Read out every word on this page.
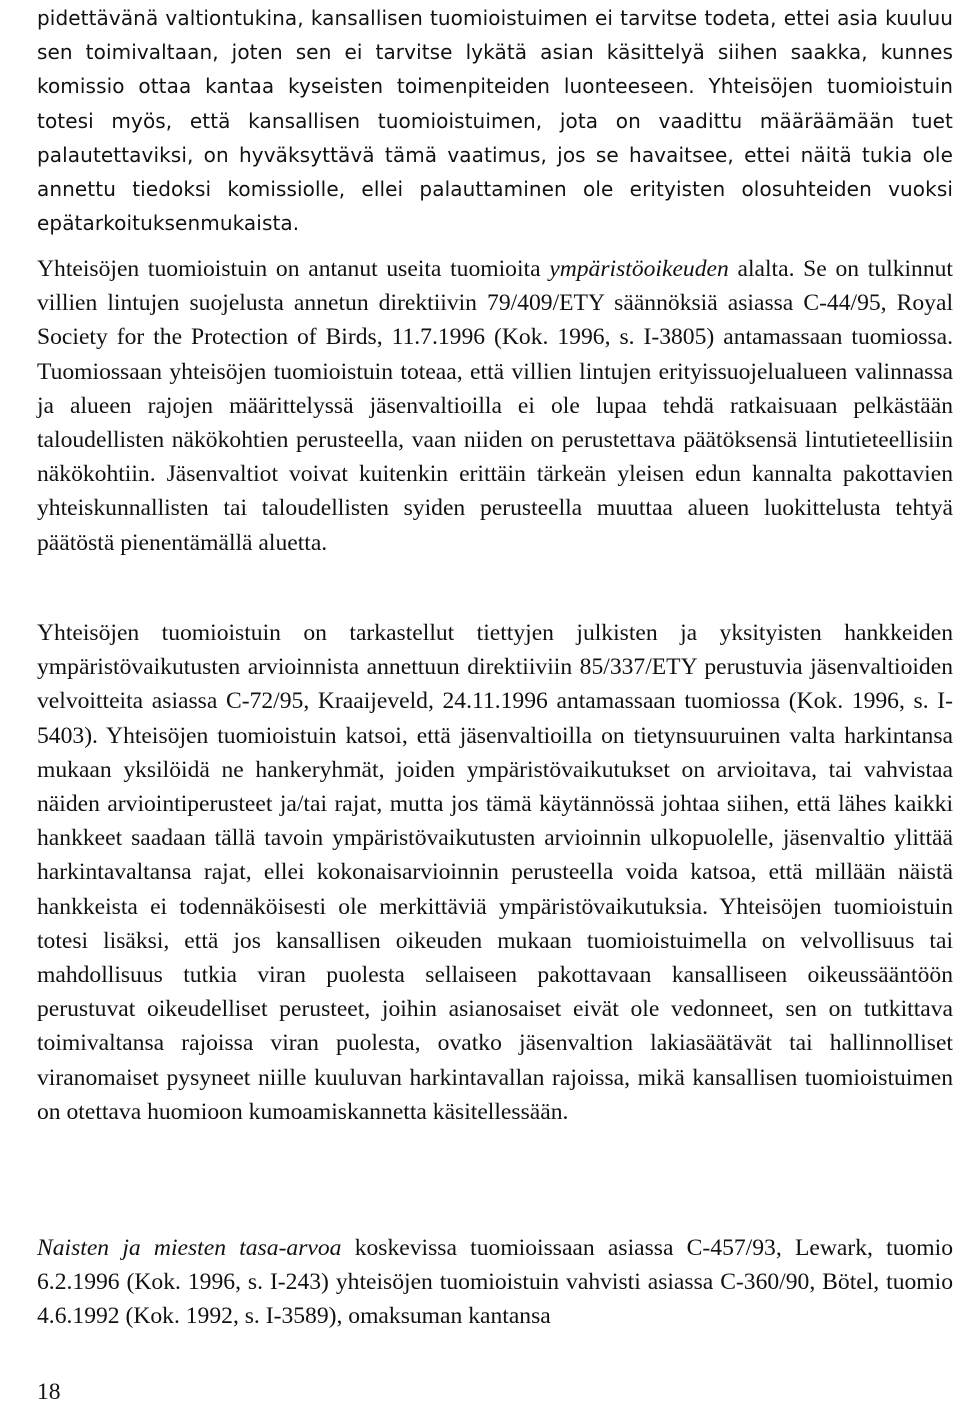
pidettävänä valtiontukina, kansallisen tuomioistuimen ei tarvitse todeta, ettei asia kuuluu sen toimivaltaan, joten sen ei tarvitse lykätä asian käsittelyä siihen saakka, kunnes komissio ottaa kantaa kyseisten toimenpiteiden luonteeseen. Yhteisöjen tuomioistuin totesi myös, että kansallisen tuomioistuimen, jota on vaadittu määräämään tuet palautettaviksi, on hyväksyttävä tämä vaatimus, jos se havaitsee, ettei näitä tukia ole annettu tiedoksi komissiolle, ellei palauttaminen ole erityisten olosuhteiden vuoksi epätarkoituksenmukaista.

Yhteisöjen tuomioistuin on antanut useita tuomioita ympäristöoikeuden alalta. Se on tulkinnut villien lintujen suojelusta annetun direktiivin 79/409/ETY säännöksiä asiassa C-44/95, Royal Society for the Protection of Birds, 11.7.1996 (Kok. 1996, s. I-3805) antamassaan tuomiossa. Tuomiossaan yhteisöjen tuomioistuin toteaa, että villien lintujen erityissuojelualueen valinnassa ja alueen rajojen määrittelyssä jäsenvaltioilla ei ole lupaa tehdä ratkaisuaan pelkästään taloudellisten näkökohtien perusteella, vaan niiden on perustettava päätöksensä lintutieteellisiin näkökohtiin. Jäsenvaltiot voivat kuitenkin erittäin tärkeän yleisen edun kannalta pakottavien yhteiskunnallisten tai taloudellisten syiden perusteella muuttaa alueen luokittelusta tehtyä päätöstä pienentämällä aluetta.

Yhteisöjen tuomioistuin on tarkastellut tiettyjen julkisten ja yksityisten hankkeiden ympäristövaikutusten arvioinnista annettuun direktiiviin 85/337/ETY perustuvia jäsenvaltioiden velvoitteita asiassa C-72/95, Kraaijeveld, 24.11.1996 antamassaan tuomiossa (Kok. 1996, s. I-5403). Yhteisöjen tuomioistuin katsoi, että jäsenvaltioilla on tietynsuuruinen valta harkintansa mukaan yksilöidä ne hankeryhmät, joiden ympäristövaikutukset on arvioitava, tai vahvistaa näiden arviointiperusteet ja/tai rajat, mutta jos tämä käytännössä johtaa siihen, että lähes kaikki hankkeet saadaan tällä tavoin ympäristövaikutusten arvioinnin ulkopuolelle, jäsenvaltio ylittää harkintavaltansa rajat, ellei kokonaisarvioinnin perusteella voida katsoa, että millään näistä hankkeista ei todennäköisesti ole merkittäviä ympäristövaikutuksia. Yhteisöjen tuomioistuin totesi lisäksi, että jos kansallisen oikeuden mukaan tuomioistuimella on velvollisuus tai mahdollisuus tutkia viran puolesta sellaiseen pakottavaan kansalliseen oikeussääntöön perustuvat oikeudelliset perusteet, joihin asianosaiset eivät ole vedonneet, sen on tutkittava toimivaltansa rajoissa viran puolesta, ovatko jäsenvaltion lakiasäätävät tai hallinnolliset viranomaiset pysyneet niille kuuluvan harkintavallan rajoissa, mikä kansallisen tuomioistuimen on otettava huomioon kumoamiskannetta käsitellessään.

Naisten ja miesten tasa-arvoa koskevissa tuomioissaan asiassa C-457/93, Lewark, tuomio 6.2.1996 (Kok. 1996, s. I-243) yhteisöjen tuomioistuin vahvisti asiassa C-360/90, Bötel, tuomio 4.6.1992 (Kok. 1992, s. I-3589), omaksuman kantansa

18
